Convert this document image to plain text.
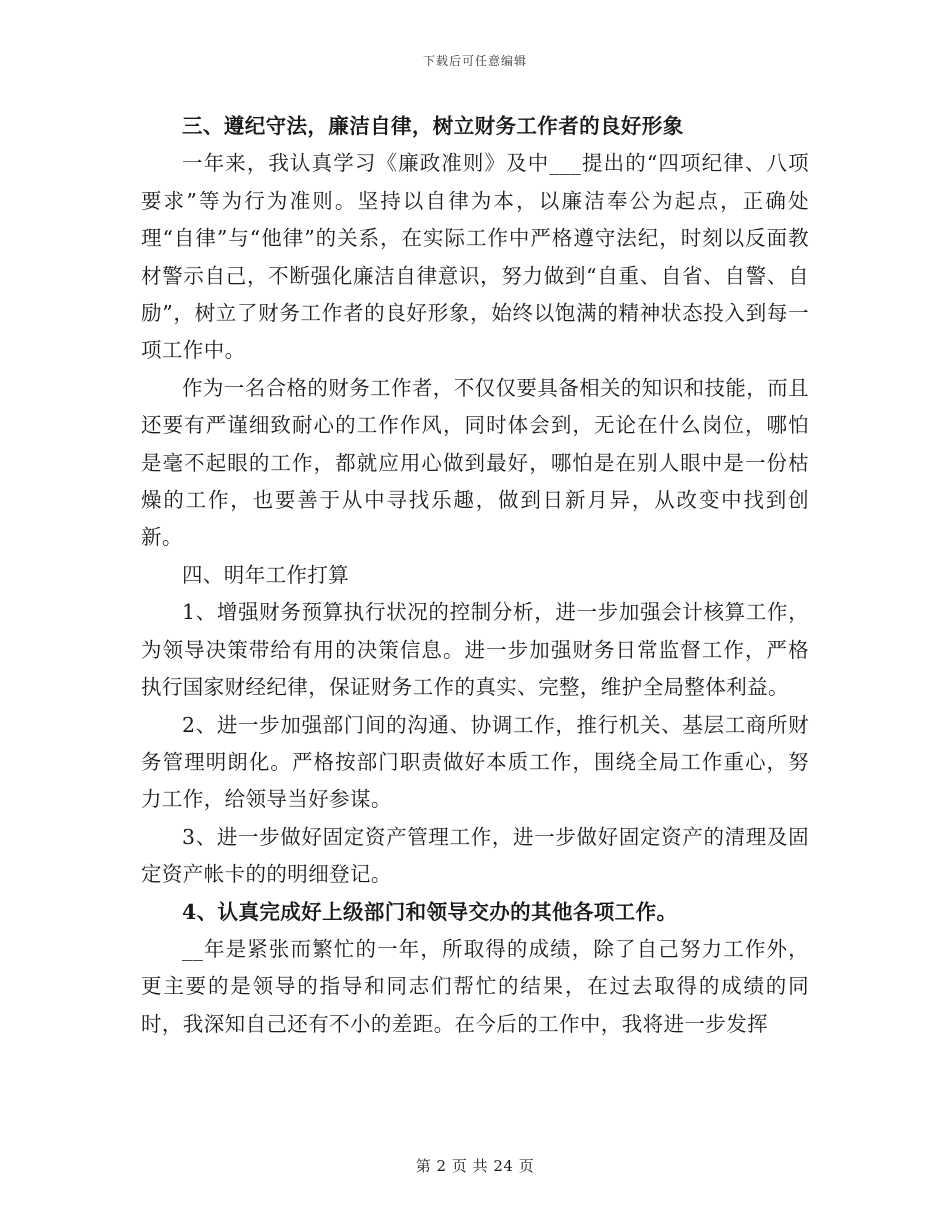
下载后可任意编辑

三、遵纪守法，廉洁自律，树立财务工作者的良好形象

一年来，我认真学习《廉政准则》及中___提出的“四项纪律、八项要求”等为行为准则。坚持以自律为本，以廉洁奉公为起点，正确处理“自律”与“他律”的关系，在实际工作中严格遵守法纪，时刻以反面教材警示自己，不断强化廉洁自律意识，努力做到“自重、自省、自警、自励”，树立了财务工作者的良好形象，始终以饱满的精神状态投入到每一项工作中。

作为一名合格的财务工作者，不仅仅要具备相关的知识和技能，而且还要有严谨细致耐心的工作作风，同时体会到，无论在什么岗位，哪怕是毫不起眼的工作，都就应用心做到最好，哪怕是在别人眼中是一份枯燥的工作，也要善于从中寻找乐趣，做到日新月异，从改变中找到创新。

四、明年工作打算

1、增强财务预算执行状况的控制分析，进一步加强会计核算工作，为领导决策带给有用的决策信息。进一步加强财务日常监督工作，严格执行国家财经纪律，保证财务工作的真实、完整，维护全局整体利益。

2、进一步加强部门间的沟通、协调工作，推行机关、基层工商所财务管理明朗化。严格按部门职责做好本质工作，围绕全局工作重心，努力工作，给领导当好参谋。

3、进一步做好固定资产管理工作，进一步做好固定资产的清理及固定资产帐卡的的明细登记。

4、认真完成好上级部门和领导交办的其他各项工作。

__年是紧张而繁忙的一年，所取得的成绩，除了自己努力工作外，更主要的是领导的指导和同志们帮忙的结果，在过去取得的成绩的同时，我深知自己还有不小的差距。在今后的工作中，我将进一步发挥

第 2 页 共 24 页
